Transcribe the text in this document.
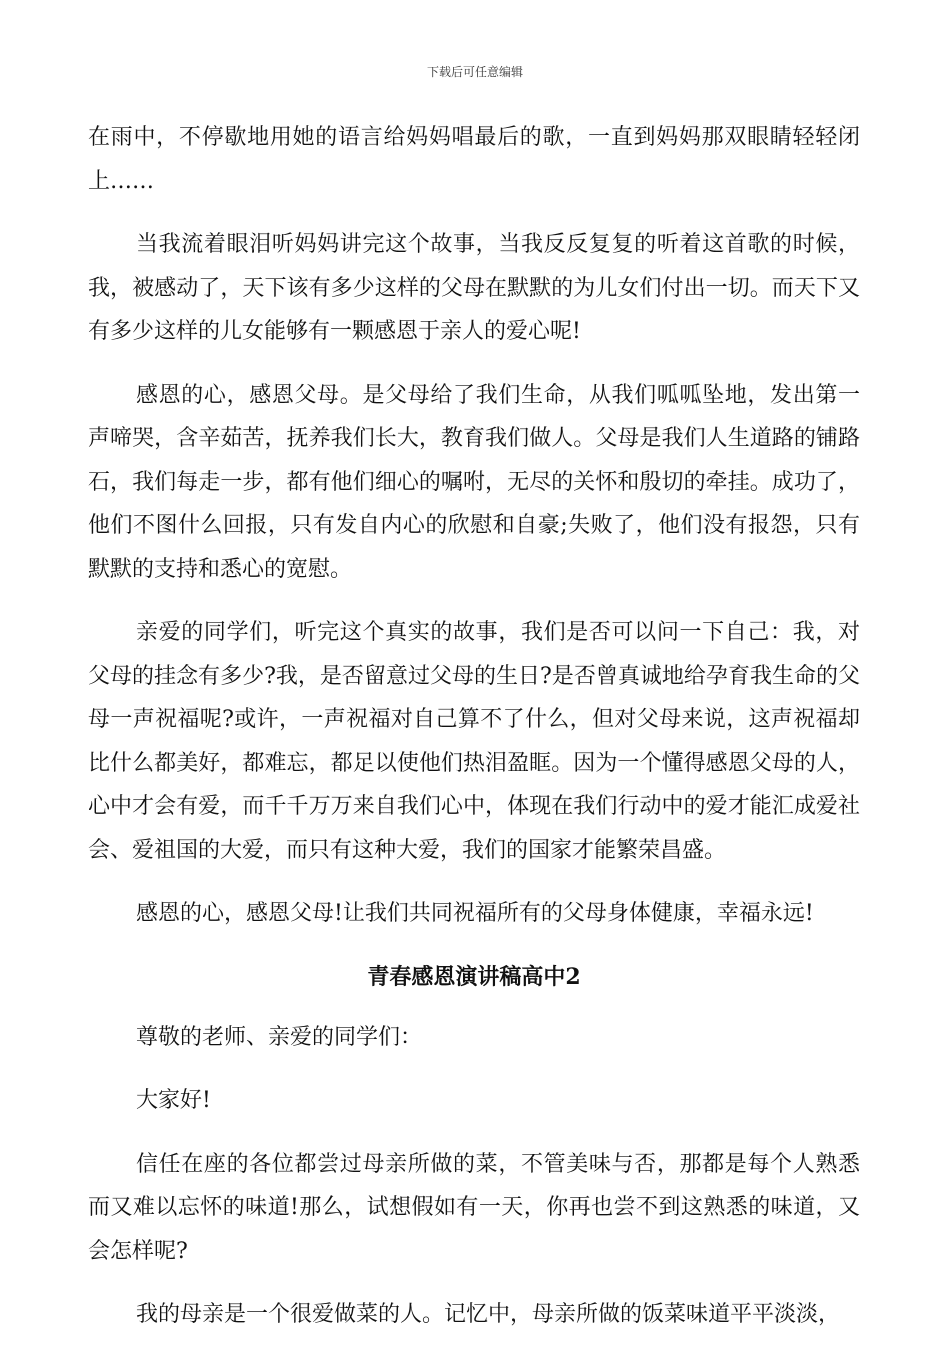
下载后可任意编辑

在雨中，不停歇地用她的语言给妈妈唱最后的歌，一直到妈妈那双眼睛轻轻闭上……

当我流着眼泪听妈妈讲完这个故事，当我反反复复的听着这首歌的时候，我，被感动了，天下该有多少这样的父母在默默的为儿女们付出一切。而天下又有多少这样的儿女能够有一颗感恩于亲人的爱心呢!

感恩的心，感恩父母。是父母给了我们生命，从我们呱呱坠地，发出第一声啼哭，含辛茹苦，抚养我们长大，教育我们做人。父母是我们人生道路的铺路石，我们每走一步，都有他们细心的嘱咐，无尽的关怀和殷切的牵挂。成功了，他们不图什么回报，只有发自内心的欣慰和自豪;失败了，他们没有报怨，只有默默的支持和悉心的宽慰。

亲爱的同学们，听完这个真实的故事，我们是否可以问一下自己：我，对父母的挂念有多少?我，是否留意过父母的生日?是否曾真诚地给孕育我生命的父母一声祝福呢?或许，一声祝福对自己算不了什么，但对父母来说，这声祝福却比什么都美好，都难忘，都足以使他们热泪盈眶。因为一个懂得感恩父母的人，心中才会有爱，而千千万万来自我们心中，体现在我们行动中的爱才能汇成爱社会、爱祖国的大爱，而只有这种大爱，我们的国家才能繁荣昌盛。

感恩的心，感恩父母!让我们共同祝福所有的父母身体健康，幸福永远!

青春感恩演讲稿高中2

尊敬的老师、亲爱的同学们：

大家好!

信任在座的各位都尝过母亲所做的菜，不管美味与否，那都是每个人熟悉而又难以忘怀的味道!那么，试想假如有一天，你再也尝不到这熟悉的味道，又会怎样呢?

我的母亲是一个很爱做菜的人。记忆中，母亲所做的饭菜味道平平淡淡，
